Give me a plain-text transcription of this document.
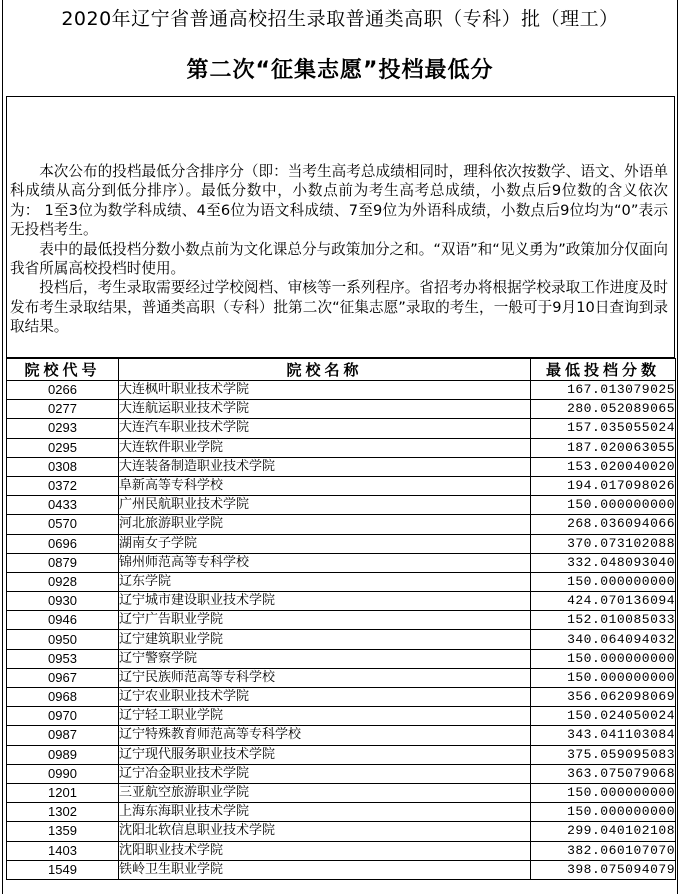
2020年辽宁省普通高校招生录取普通类高职（专科）批（理工）
第二次“征集志愿”投档最低分

本次公布的投档最低分含排序分（即：当考生高考总成绩相同时，理科依次按数学、语文、外语单科成绩从高分到低分排序）。最低分数中，小数点前为考生高考总成绩，小数点后9位数的含义依次为： 1至3位为数学科成绩、4至6位为语文科成绩、7至9位为外语科成绩，小数点后9位均为“0”表示无投档考生。

表中的最低投档分数小数点前为文化课总分与政策加分之和。“双语”和“见义勇为”政策加分仅面向我省所属高校投档时使用。

投档后，考生录取需要经过学校阅档、审核等一系列程序。省招考办将根据学校录取工作进度及时发布考生录取结果，普通类高职（专科）批第二次“征集志愿”录取的考生，一般可于9月10日查询到录取结果。

院校代号	院校名称	最低投档分数
0266	大连枫叶职业技术学院	167.013079025
0277	大连航运职业技术学院	280.052089065
0293	大连汽车职业技术学院	157.035055024
0295	大连软件职业学院	187.020063055
0308	大连装备制造职业技术学院	153.020040020
0372	阜新高等专科学校	194.017098026
0433	广州民航职业技术学院	150.000000000
0570	河北旅游职业学院	268.036094066
0696	湖南女子学院	370.073102088
0879	锦州师范高等专科学校	332.048093040
0928	辽东学院	150.000000000
0930	辽宁城市建设职业技术学院	424.070136094
0946	辽宁广告职业学院	152.010085033
0950	辽宁建筑职业学院	340.064094032
0953	辽宁警察学院	150.000000000
0967	辽宁民族师范高等专科学校	150.000000000
0968	辽宁农业职业技术学院	356.062098069
0970	辽宁轻工职业学院	150.024050024
0987	辽宁特殊教育师范高等专科学校	343.041103084
0989	辽宁现代服务职业技术学院	375.059095083
0990	辽宁冶金职业技术学院	363.075079068
1201	三亚航空旅游职业学院	150.000000000
1302	上海东海职业技术学院	150.000000000
1359	沈阳北软信息职业技术学院	299.040102108
1403	沈阳职业技术学院	382.060107070
1549	铁岭卫生职业学院	398.075094079
